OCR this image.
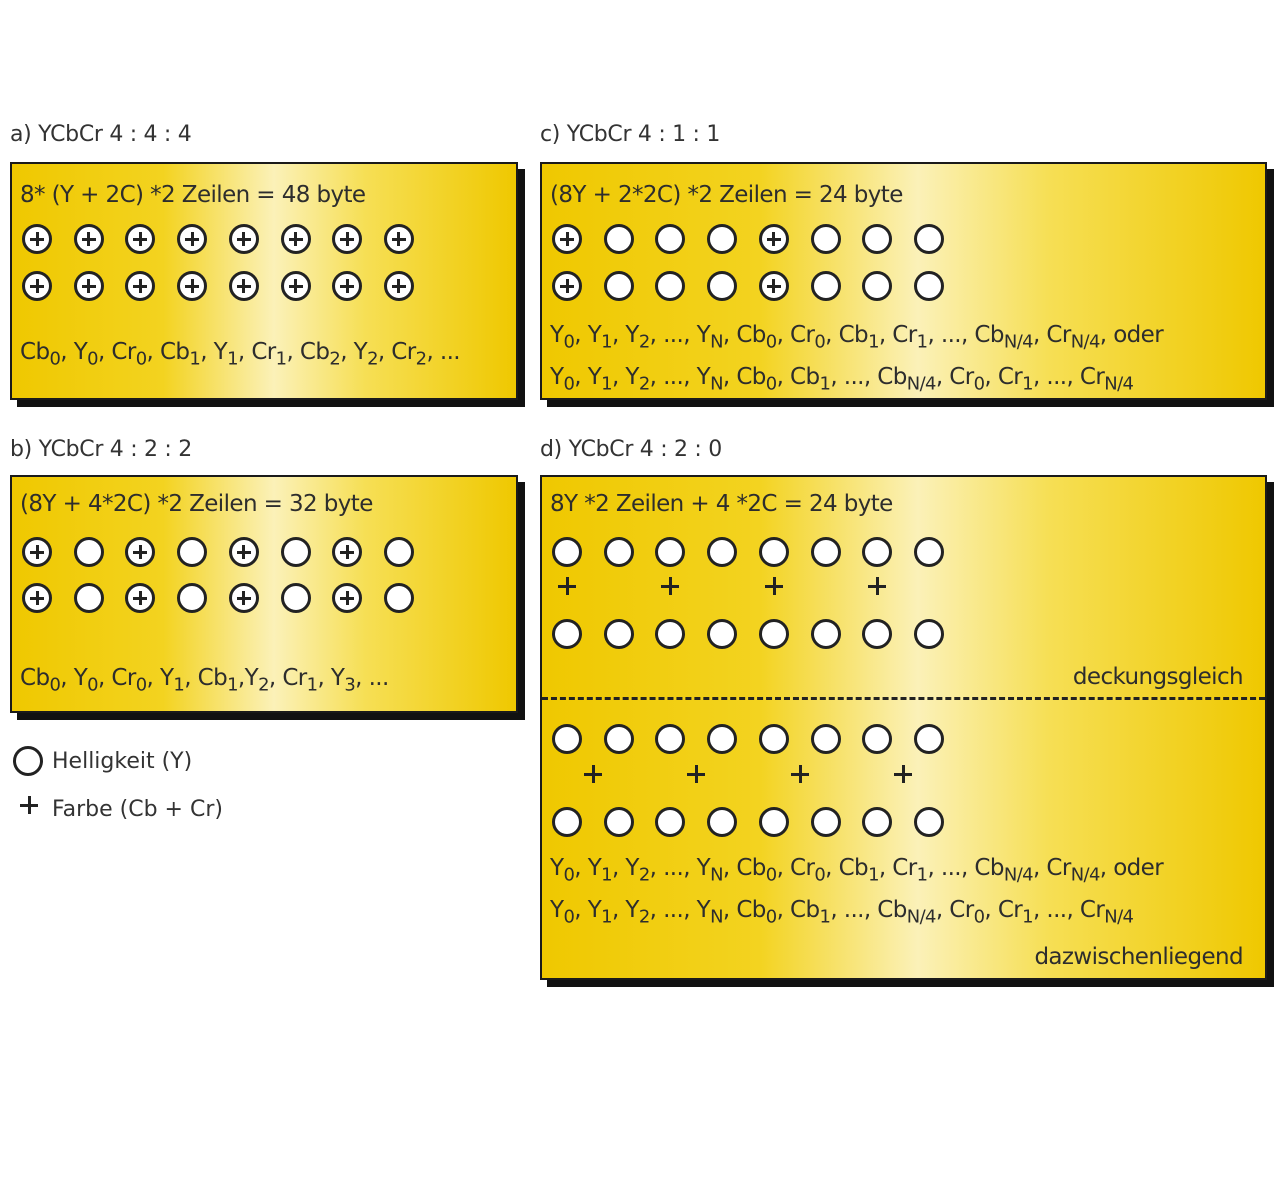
a) YCbCr 4 : 4 : 4	c) YCbCr 4 : 1 : 1
b) YCbCr 4 : 2 : 2	d) YCbCr 4 : 2 : 0
8* (Y + 2C) *2 Zeilen = 48 byte
$Cb_0$, $Y_0$, $Cr_0$, $Cb_1$, $Y_1$, $Cr_1$, $Cb_2$, $Y_2$, $Cr_2$, ...
(8Y + 4*2C) *2 Zeilen = 32 byte
$Cb_0$, $Y_0$, $Cr_0$, $Y_1$, $Cb_1,Y_2$, $Cr_1$, $Y_3$, ...
(8Y + 2*2C) *2 Zeilen = 24 byte
$Y_0$, $Y_1$, $Y_2$, ..., $Y_N$, $Cb_0$, $Cr_0$, $Cb_1$, $Cr_1$, ..., $Cb_{N/4}$, $Cr_{N/4}$, oder
$Y_0$, $Y_1$, $Y_2$, ..., $Y_N$, $Cb_0$, $Cb_1$, ..., $Cb_{N/4}$, $Cr_0$, $Cr_1$, ..., $Cr_{N/4}$
8Y *2 Zeilen + 4 *2C = 24 byte
deckungsgleich
$Y_0$, $Y_1$, $Y_2$, ..., $Y_N$, $Cb_0$, $Cr_0$, $Cb_1$, $Cr_1$, ..., $Cb_{N/4}$, $Cr_{N/4}$, oder
$Y_0$, $Y_1$, $Y_2$, ..., $Y_N$, $Cb_0$, $Cb_1$, ..., $Cb_{N/4}$, $Cr_0$, $Cr_1$, ..., $Cr_{N/4}$
dazwischenliegend
Helligkeit (Y)
Farbe (Cb + Cr)
